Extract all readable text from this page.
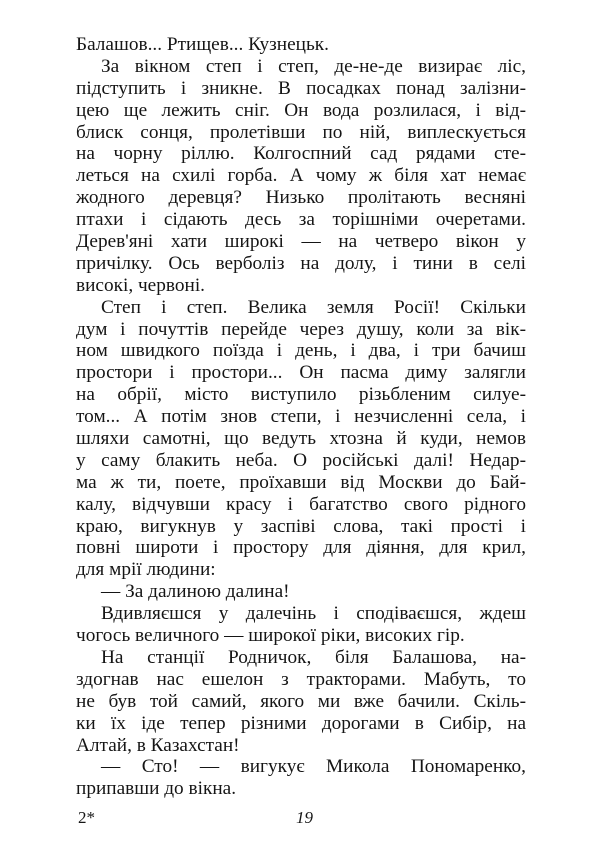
Балашов... Ртищев... Кузнецьк.
За вікном степ і степ, де-не-де визирає ліс,
підступить і зникне. В посадках понад залізни-
цею ще лежить сніг. Он вода розлилася, і від-
блиск сонця, пролетівши по ній, виплескується
на чорну ріллю. Колгоспний сад рядами сте-
леться на схилі горба. А чому ж біля хат немає
жодного деревця? Низько пролітають весняні
птахи і сідають десь за торішніми очеретами.
Дерев'яні хати широкі — на четверо вікон у
причілку. Ось верболіз на долу, і тини в селі
високі, червоні.
Степ і степ. Велика земля Росії! Скільки
дум і почуттів перейде через душу, коли за вік-
ном швидкого поїзда і день, і два, і три бачиш
простори і простори... Он пасма диму залягли
на обрії, місто виступило різьбленим силуе-
том... А потім знов степи, і незчисленні села, і
шляхи самотні, що ведуть хтозна й куди, немов
у саму блакить неба. О російські далі! Недар-
ма ж ти, поете, проїхавши від Москви до Бай-
калу, відчувши красу і багатство свого рідного
краю, вигукнув у заспіві слова, такі прості і
повні широти і простору для діяння, для крил,
для мрії людини:
— За далиною далина!
Вдивляєшся у далечінь і сподіваєшся, ждеш
чогось величного — широкої ріки, високих гір.
На станції Родничок, біля Балашова, на-
здогнав нас ешелон з тракторами. Мабуть, то
не був той самий, якого ми вже бачили. Скіль-
ки їх іде тепер різними дорогами в Сибір, на
Алтай, в Казахстан!
— Сто! — вигукує Микола Пономаренко,
припавши до вікна.
2*	19
